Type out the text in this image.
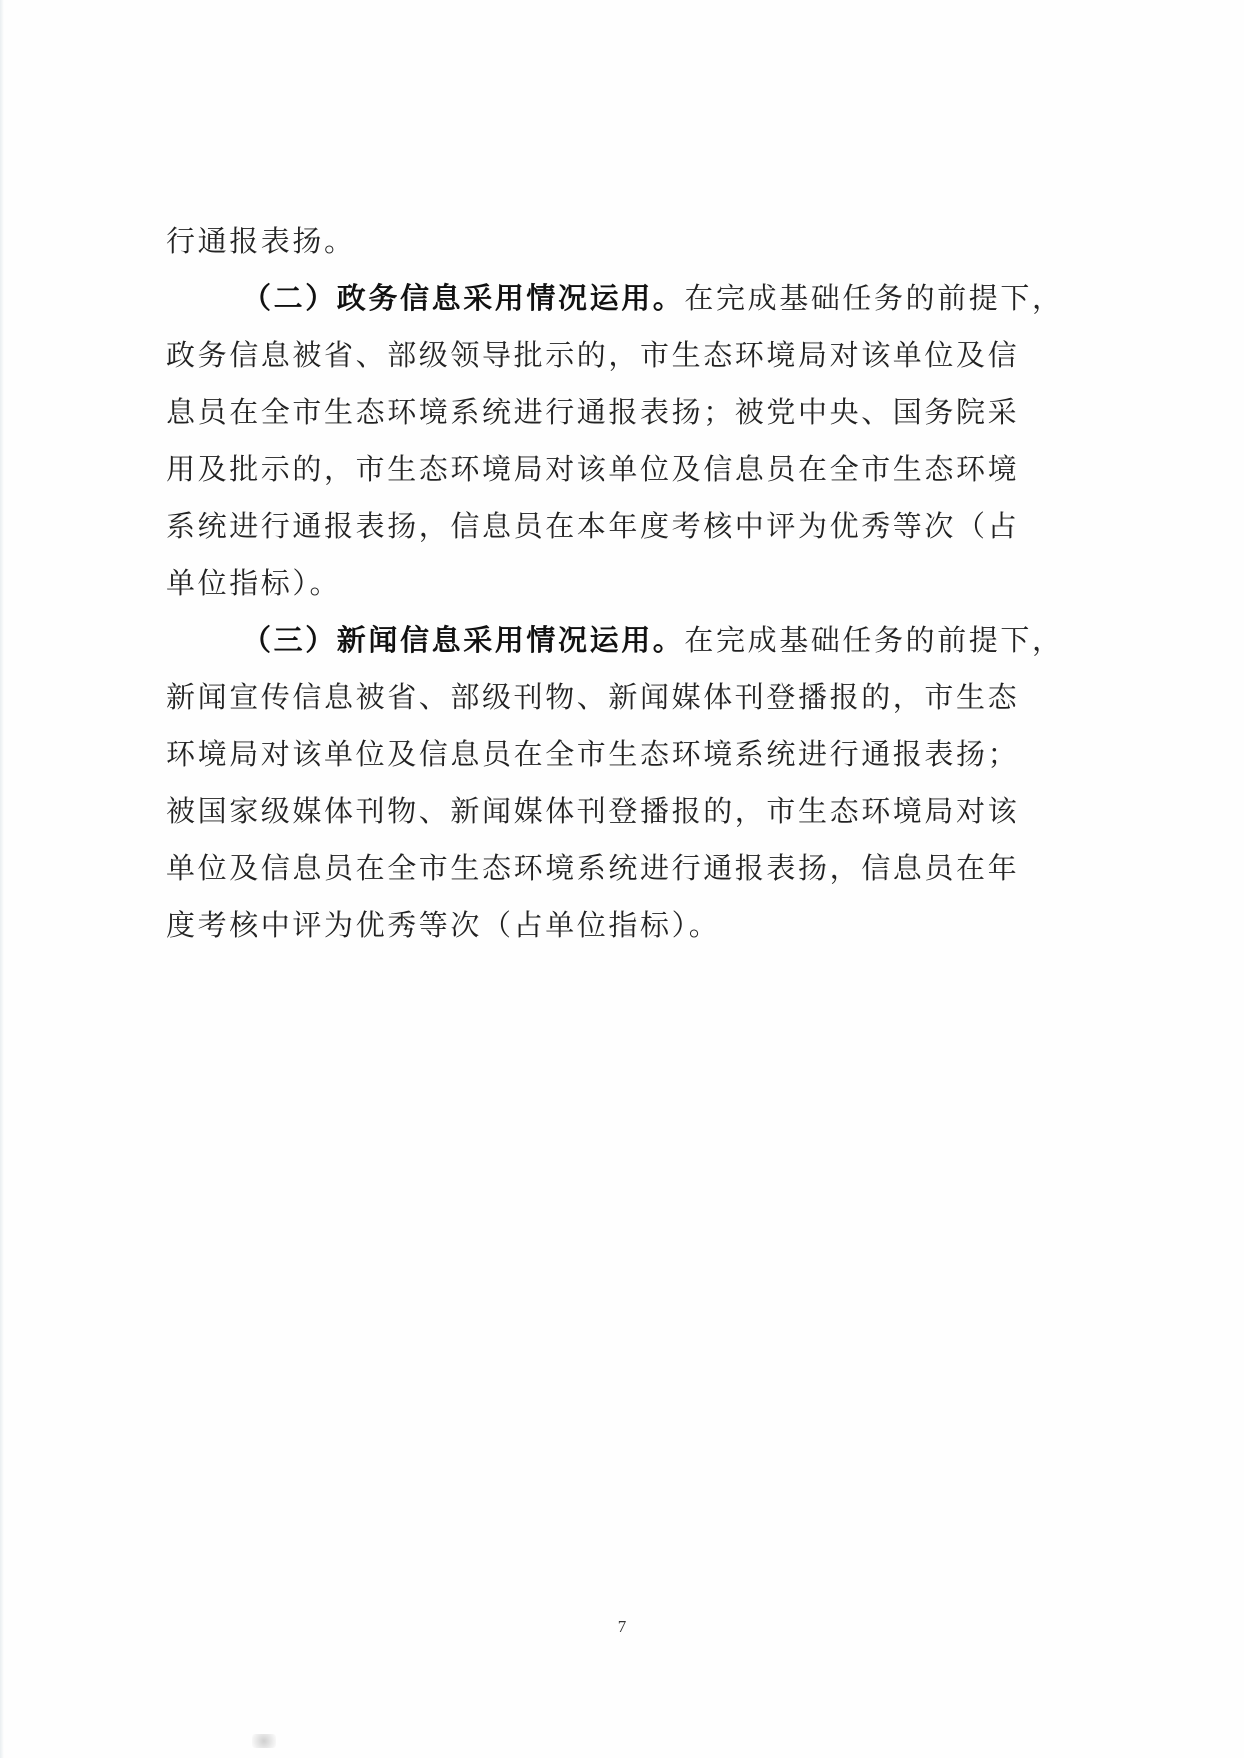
行通报表扬。
（二）政务信息采用情况运用。在完成基础任务的前提下，
政务信息被省、部级领导批示的，市生态环境局对该单位及信
息员在全市生态环境系统进行通报表扬；被党中央、国务院采
用及批示的，市生态环境局对该单位及信息员在全市生态环境
系统进行通报表扬，信息员在本年度考核中评为优秀等次（占
单位指标）。
（三）新闻信息采用情况运用。在完成基础任务的前提下，
新闻宣传信息被省、部级刊物、新闻媒体刊登播报的，市生态
环境局对该单位及信息员在全市生态环境系统进行通报表扬；
被国家级媒体刊物、新闻媒体刊登播报的，市生态环境局对该
单位及信息员在全市生态环境系统进行通报表扬，信息员在年
度考核中评为优秀等次（占单位指标）。
7
